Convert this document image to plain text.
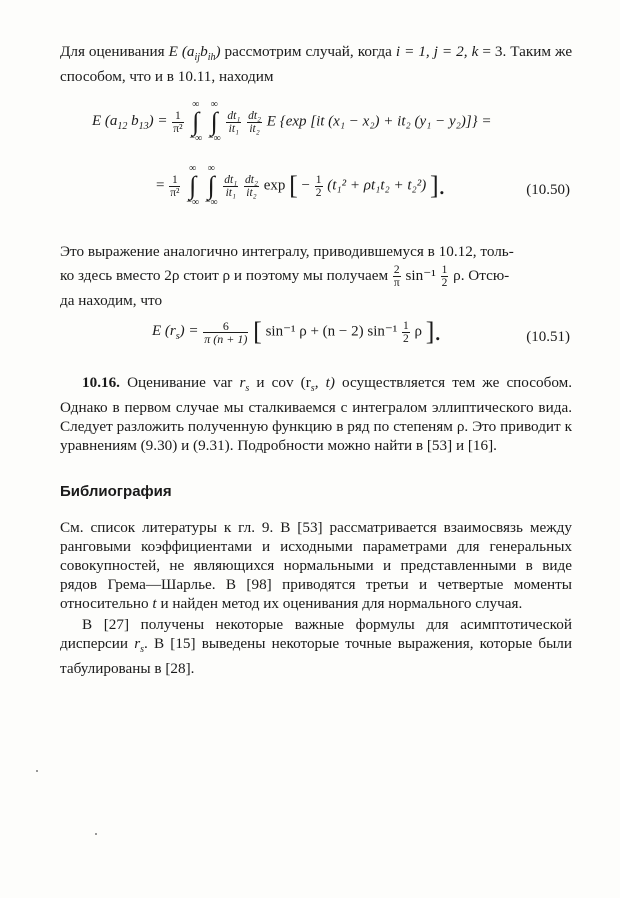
Для оценивания E $(a_{ij}b_{ih})$ рассмотрим случай, когда i = 1, j = 2, k = 3. Таким же способом, что и в 10.11, находим

E ($a_{12}$ $b_{13}) = \frac{1}{\text{π²}}$
∞
∫
−∞ ∞
∫
−∞
$\frac{\text{dt₁}}{\text{it₁}}$
$\frac{\text{dt₂}}{\text{it₂}}$ E {exp [it (x₁ − x₂) + it₂ (y₁ − y₂)]} =
= $\frac{1}{\text{π²}}$
∞
∫
−∞ ∞
∫
−∞
$\frac{\text{dt₁}}{\text{it₁}}$
$\frac{\text{dt₂}}{\text{it₂}}$ exp [ − $\frac{1}{2} (t_1^2 + \rho t_1t_2 + t_2^2)$ ].	(10.50)

Это выражение аналогично интегралу, приводившемуся в 10.12, толь-
ко здесь вместо 2ρ стоит ρ и поэтому мы получаем $\frac{2}{\pi} \sin^{-1} \frac{1}{2} \rho$. Отсю-
да находим, что

E $(r_s) = \frac{6}{\pi (n + 1)}$ [ sin⁻¹ ρ + (n − 2) $\sin^{-1} \frac{1}{2}$ ρ ].	(10.51)

10.16. Оценивание var $r_s$ и cov ($r_s$, t) осуществляется тем же способом. Однако в первом случае мы сталкиваемся с интегралом эллиптического вида. Следует разложить полученную функцию в ряд по степеням ρ. Это приводит к уравнениям (9.30) и (9.31). Подробности можно найти в [53] и [16].

Библиография

См. список литературы к гл. 9. В [53] рассматривается взаимосвязь между ранговыми коэффициентами и исходными параметрами для генеральных совокупностей, не являющихся нормальными и представленными в виде рядов Грема—Шарлье. В [98] приводятся третьи и четвертые моменты относительно t и найден метод их оценивания для нормального случая.

В [27] получены некоторые важные формулы для асимптотической дисперсии $r_s$. В [15] выведены некоторые точные выражения, которые были табулированы в [28].
